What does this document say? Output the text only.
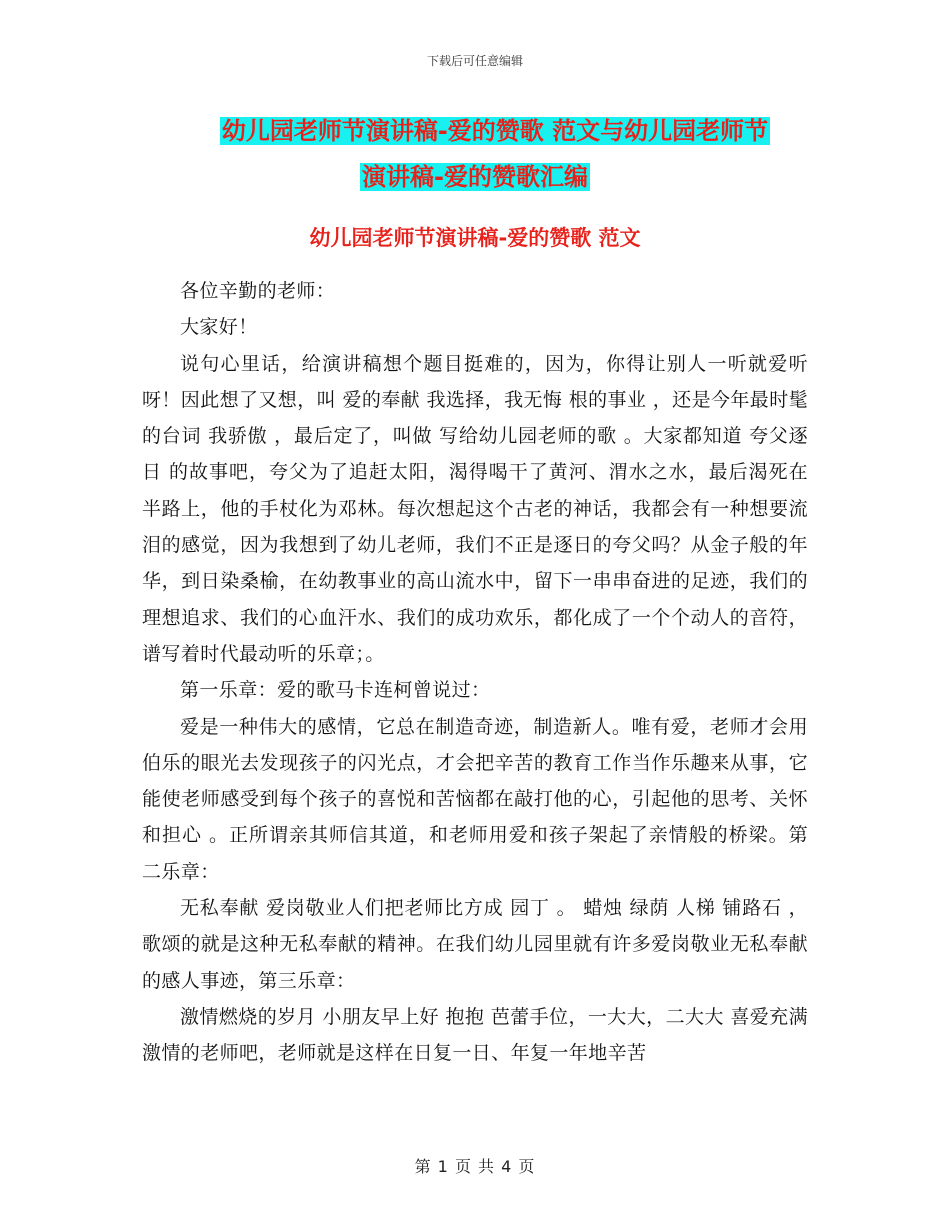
下载后可任意编辑
幼儿园老师节演讲稿-爱的赞歌 范文与幼儿园老师节
演讲稿-爱的赞歌汇编
幼儿园老师节演讲稿-爱的赞歌 范文

各位辛勤的老师：

大家好！

说句心里话，给演讲稿想个题目挺难的，因为，你得让别人一听就爱听呀！因此想了又想，叫 爱的奉献 我选择，我无悔 根的事业 ，还是今年最时髦的台词 我骄傲 ，最后定了，叫做 写给幼儿园老师的歌 。大家都知道 夸父逐日 的故事吧，夸父为了追赶太阳，渴得喝干了黄河、渭水之水，最后渴死在半路上，他的手杖化为邓林。每次想起这个古老的神话，我都会有一种想要流泪的感觉，因为我想到了幼儿老师，我们不正是逐日的夸父吗？从金子般的年华，到日染桑榆，在幼教事业的高山流水中，留下一串串奋进的足迹，我们的理想追求、我们的心血汗水、我们的成功欢乐，都化成了一个个动人的音符，谱写着时代最动听的乐章；。

第一乐章：爱的歌马卡连柯曾说过：

爱是一种伟大的感情，它总在制造奇迹，制造新人。唯有爱，老师才会用伯乐的眼光去发现孩子的闪光点，才会把辛苦的教育工作当作乐趣来从事，它能使老师感受到每个孩子的喜悦和苦恼都在敲打他的心，引起他的思考、关怀和担心 。正所谓亲其师信其道，和老师用爱和孩子架起了亲情般的桥梁。第二乐章：

无私奉献 爱岗敬业人们把老师比方成 园丁 。 蜡烛 绿荫 人梯 铺路石 ，歌颂的就是这种无私奉献的精神。在我们幼儿园里就有许多爱岗敬业无私奉献的感人事迹，第三乐章：

激情燃烧的岁月 小朋友早上好 抱抱 芭蕾手位，一大大，二大大 喜爱充满激情的老师吧，老师就是这样在日复一日、年复一年地辛苦

第 1 页 共 4 页
